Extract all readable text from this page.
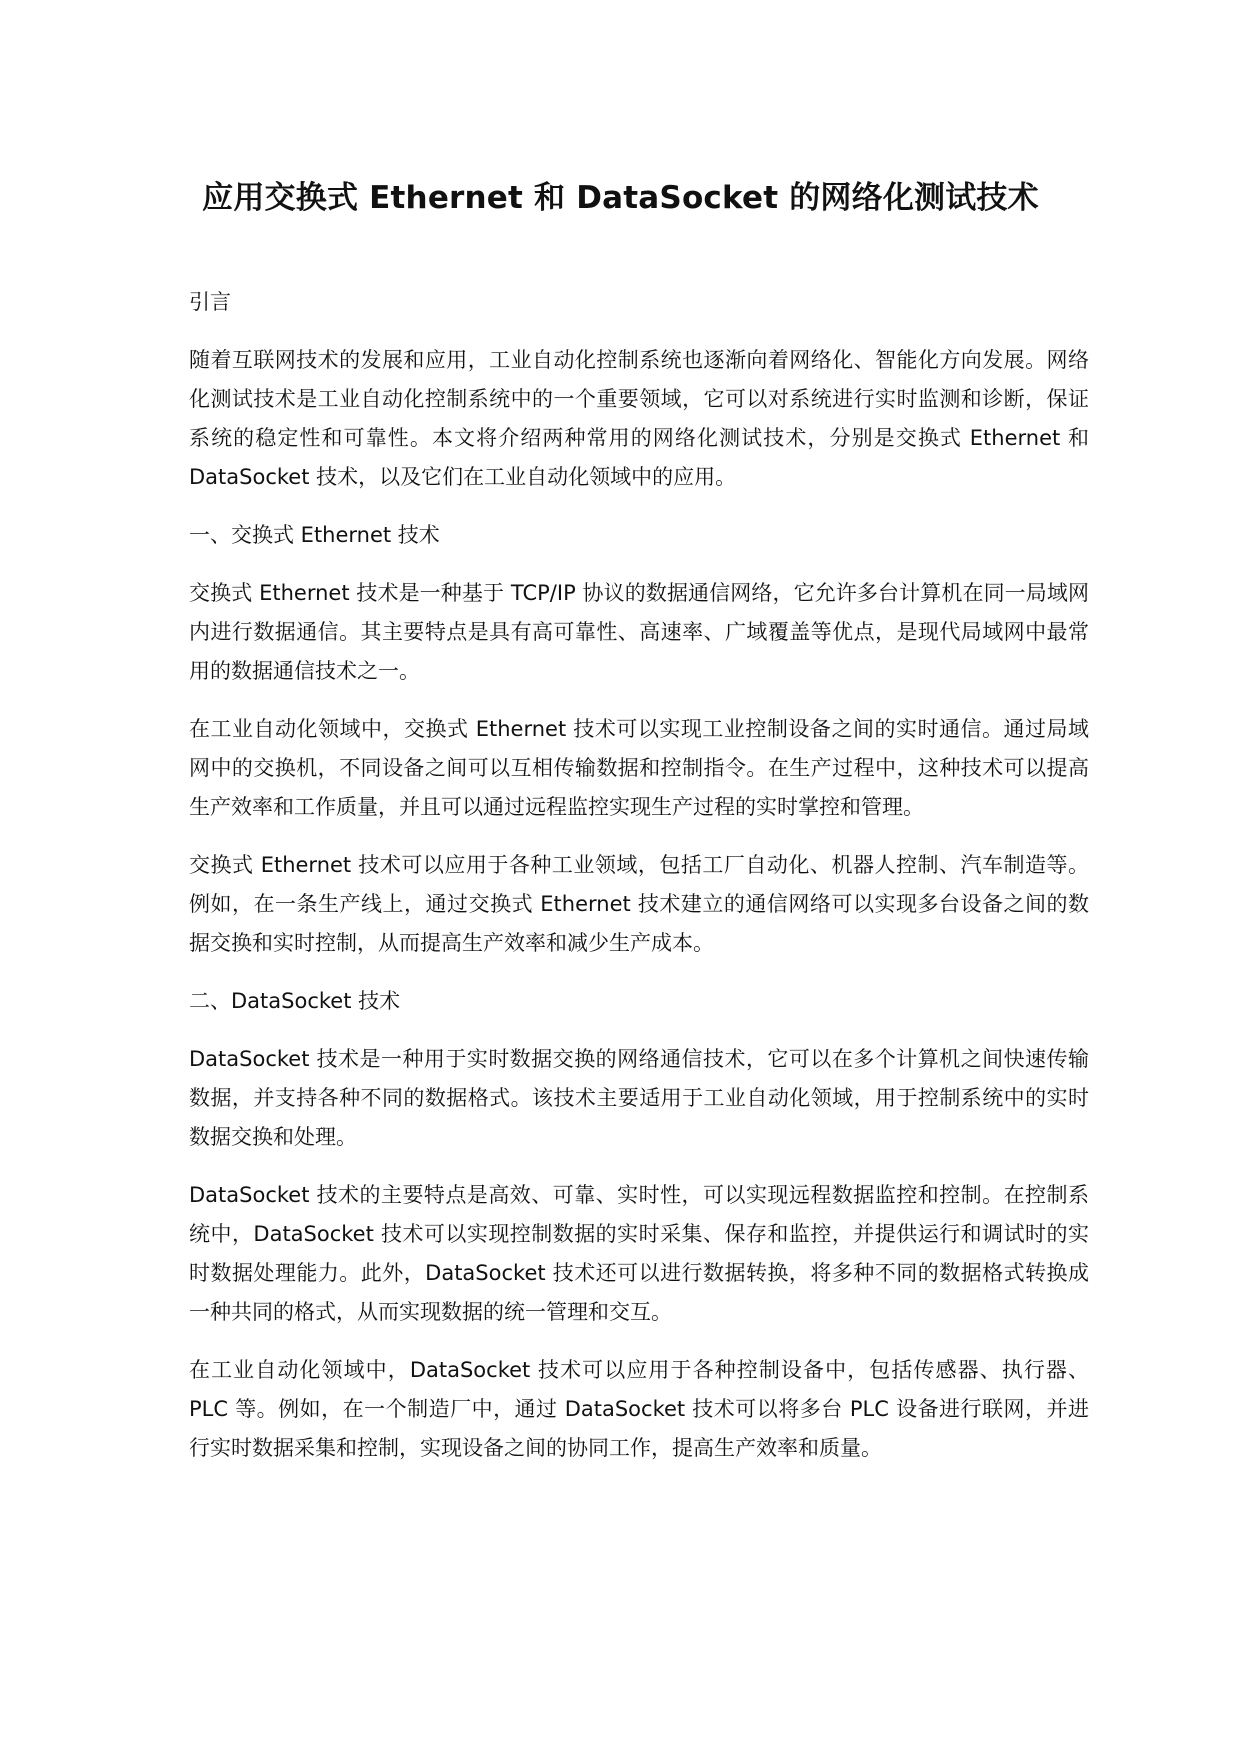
应用交换式 Ethernet 和 DataSocket 的网络化测试技术
引言
随着互联网技术的发展和应用，工业自动化控制系统也逐渐向着网络化、智能化方向发展。网络化测试技术是工业自动化控制系统中的一个重要领域，它可以对系统进行实时监测和诊断，保证系统的稳定性和可靠性。本文将介绍两种常用的网络化测试技术，分别是交换式 Ethernet 和 DataSocket 技术，以及它们在工业自动化领域中的应用。
一、交换式 Ethernet 技术
交换式 Ethernet 技术是一种基于 TCP/IP 协议的数据通信网络，它允许多台计算机在同一局域网内进行数据通信。其主要特点是具有高可靠性、高速率、广域覆盖等优点，是现代局域网中最常用的数据通信技术之一。
在工业自动化领域中，交换式 Ethernet 技术可以实现工业控制设备之间的实时通信。通过局域网中的交换机，不同设备之间可以互相传输数据和控制指令。在生产过程中，这种技术可以提高生产效率和工作质量，并且可以通过远程监控实现生产过程的实时掌控和管理。
交换式 Ethernet 技术可以应用于各种工业领域，包括工厂自动化、机器人控制、汽车制造等。例如，在一条生产线上，通过交换式 Ethernet 技术建立的通信网络可以实现多台设备之间的数据交换和实时控制，从而提高生产效率和减少生产成本。
二、DataSocket 技术
DataSocket 技术是一种用于实时数据交换的网络通信技术，它可以在多个计算机之间快速传输数据，并支持各种不同的数据格式。该技术主要适用于工业自动化领域，用于控制系统中的实时数据交换和处理。
DataSocket 技术的主要特点是高效、可靠、实时性，可以实现远程数据监控和控制。在控制系统中，DataSocket 技术可以实现控制数据的实时采集、保存和监控，并提供运行和调试时的实时数据处理能力。此外，DataSocket 技术还可以进行数据转换，将多种不同的数据格式转换成一种共同的格式，从而实现数据的统一管理和交互。
在工业自动化领域中，DataSocket 技术可以应用于各种控制设备中，包括传感器、执行器、PLC 等。例如，在一个制造厂中，通过 DataSocket 技术可以将多台 PLC 设备进行联网，并进行实时数据采集和控制，实现设备之间的协同工作，提高生产效率和质量。
